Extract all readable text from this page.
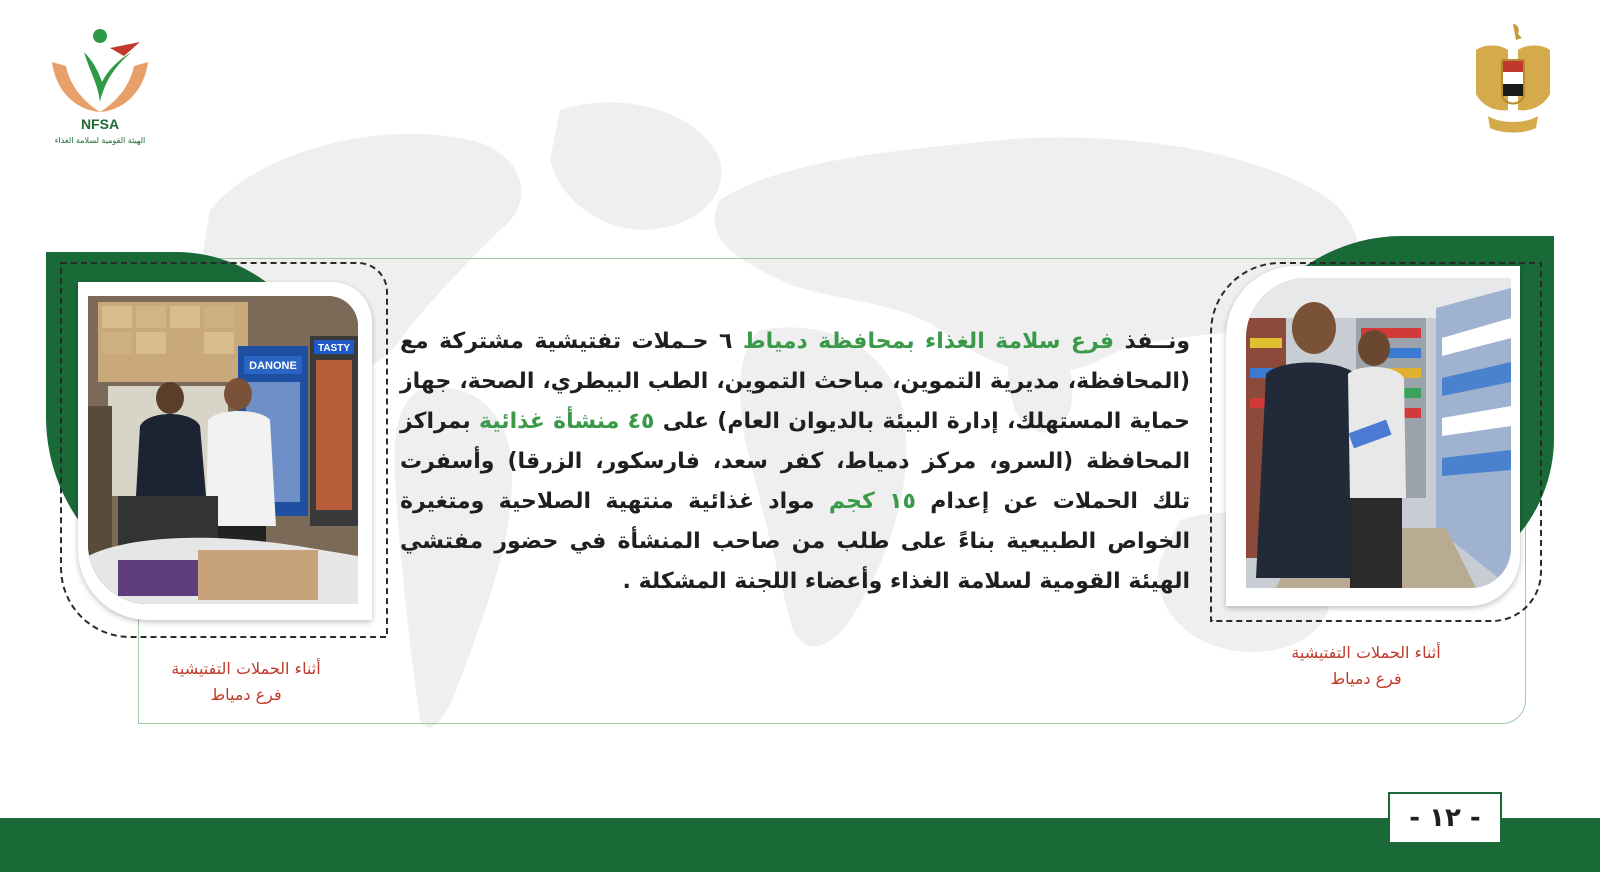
NFSA
الهيئة القومية لسلامة الغذاء
DANONE
TASTY	ونــفذ فرع سلامة الغذاء بمحافظة دمياط ٦ حـملات تفتيشية مشتركة مع (المحافظة، مديرية التموين، مباحث التموين، الطب البيطري، الصحة، جهاز حماية المستهلك، إدارة البيئة بالديوان العام) على ٤٥ منشأة غذائية بمراكز المحافظة (السرو، مركز دمياط، كفر سعد، فارسكور، الزرقا) وأسفرت تلك الحملات عن إعدام ١٥ كجم مواد غذائية منتهية الصلاحية ومتغيرة الخواص الطبيعية بناءً على طلب من صاحب المنشأة في حضور مفتشي الهيئة القومية لسلامة الغذاء وأعضاء اللجنة المشكلة .
أثناء الحملات التفتيشية
فرع دمياط
أثناء الحملات التفتيشية
فرع دمياط
- ١٢ -
